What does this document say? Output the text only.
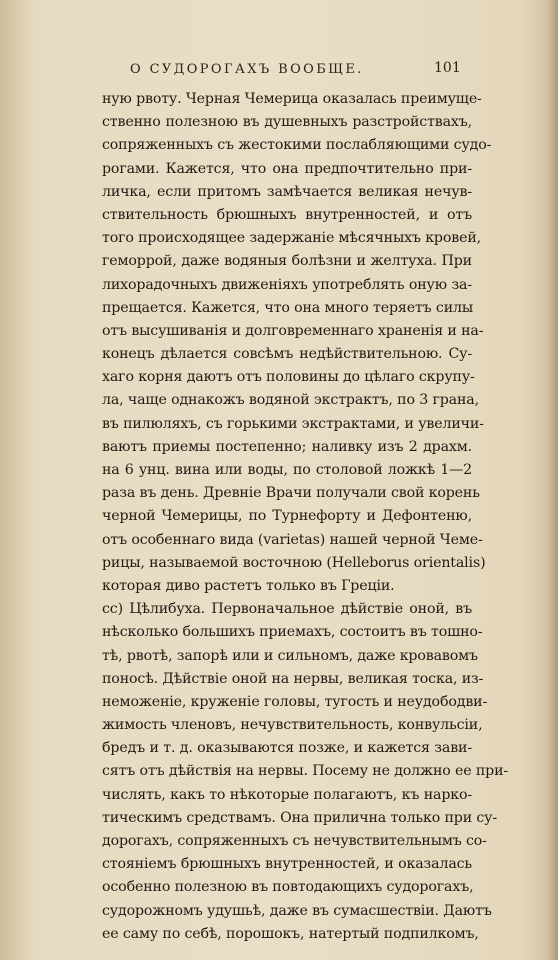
О СУДОРОГАХЪ ВООБЩЕ.	101
ную рвоту. Черная Чемерица оказалась преимуще-
ственно полезною въ душевныхъ разстройствахъ,
сопряженныхъ съ жестокими послабляющими судо-
рогами. Кажется, что она предпочтительно при-
личка, если притомъ замѣчается великая нечув-
ствительность брюшныхъ внутренностей, и отъ
того происходящее задержаніе мѣсячныхъ кровей,
геморрой, даже водяныя болѣзни и желтуха. При
лихорадочныхъ движеніяхъ употреблять оную за-
прещается. Кажется, что она много теряетъ силы
отъ высушиванія и долговременнаго храненія и на-
конецъ дѣлается совсѣмъ недѣйствительною. Су-
хаго корня даютъ отъ половины до цѣлаго скрупу-
ла, чаще однакожъ водяной экстрактъ, по 3 грана,
въ пилюляхъ, съ горькими экстрактами, и увеличи-
ваютъ приемы постепенно; наливку изъ 2 драхм.
на 6 унц. вина или воды, по столовой ложкѣ 1—2
раза въ день. Древніе Врачи получали свой корень
черной Чемерицы, по Турнефорту и Дефонтеню,
отъ особеннаго вида (varietas) нашей черной Чеме-
рицы, называемой восточною (Helleborus orientalis)
которая диво растетъ только въ Греціи.
cc) Цѣлибуха. Первоначальное дѣйствіе оной, въ
нѣсколько большихъ приемахъ, состоитъ въ тошно-
тѣ, рвотѣ, запорѣ или и сильномъ, даже кровавомъ
поносѣ. Дѣйствіе оной на нервы, великая тоска, из-
неможеніе, круженіе головы, тугость и неудободви-
жимость членовъ, нечувствительность, конвульсіи,
бредъ и т. д. оказываются позже, и кажется зави-
сятъ отъ дѣйствія на нервы. Посему не должно ее при-
числять, какъ то нѣкоторые полагаютъ, къ нарко-
тическимъ средствамъ. Она прилична только при су-
дорогахъ, сопряженныхъ съ нечувствительнымъ со-
стояніемъ брюшныхъ внутренностей, и оказалась
особенно полезною въ повтодающихъ судорогахъ,
судорожномъ удушьѣ, даже въ сумасшествіи. Даютъ
ее саму по себѣ, порошокъ, натертый подпилкомъ,
